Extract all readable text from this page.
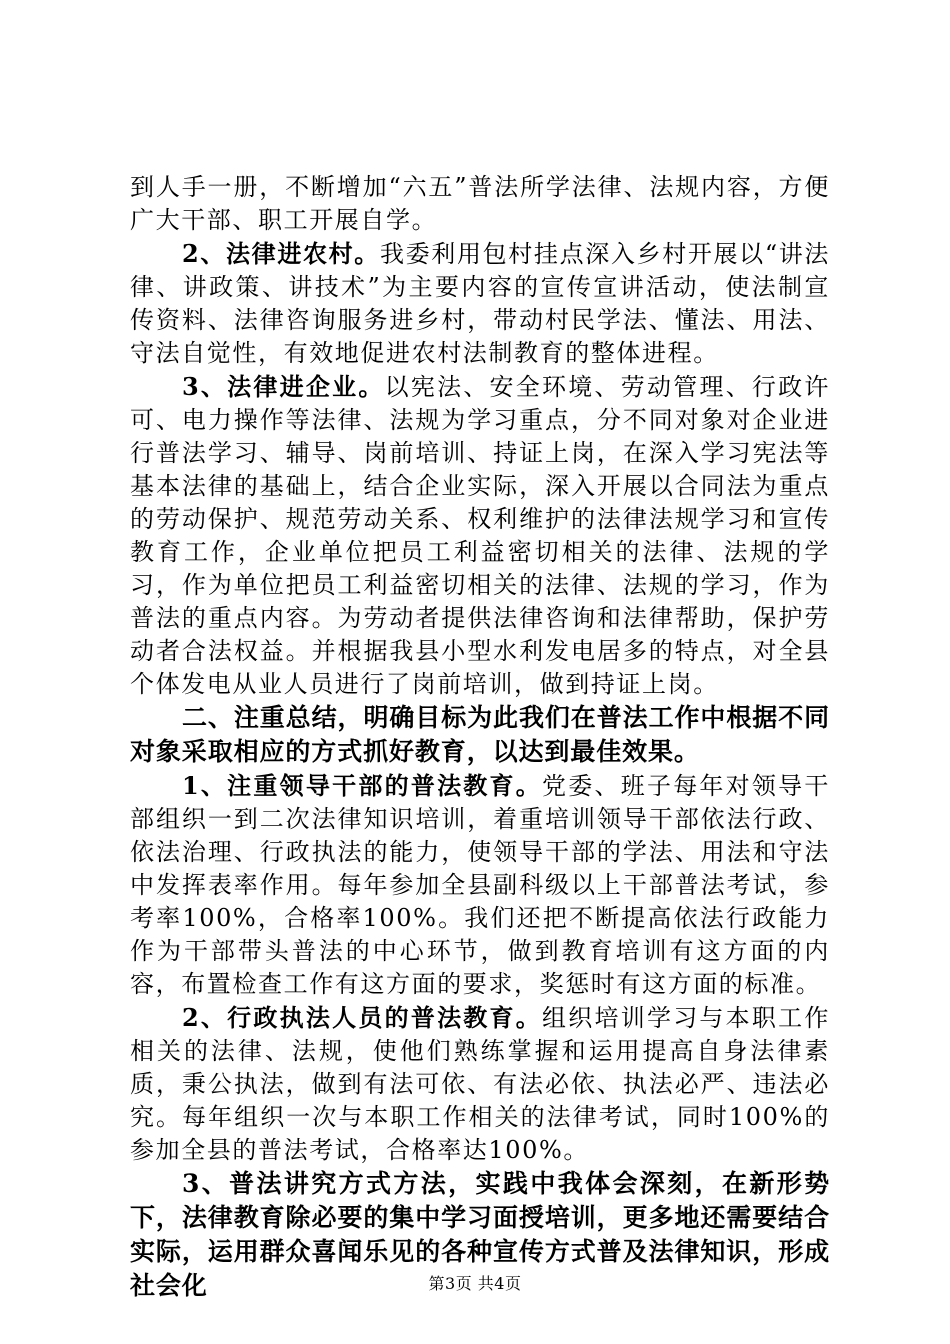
到人手一册，不断增加“六五”普法所学法律、法规内容，方便广大干部、职工开展自学。

2、法律进农村。我委利用包村挂点深入乡村开展以“讲法律、讲政策、讲技术”为主要内容的宣传宣讲活动，使法制宣传资料、法律咨询服务进乡村，带动村民学法、懂法、用法、守法自觉性，有效地促进农村法制教育的整体进程。

3、法律进企业。以宪法、安全环境、劳动管理、行政许可、电力操作等法律、法规为学习重点，分不同对象对企业进行普法学习、辅导、岗前培训、持证上岗，在深入学习宪法等基本法律的基础上，结合企业实际，深入开展以合同法为重点的劳动保护、规范劳动关系、权利维护的法律法规学习和宣传教育工作，企业单位把员工利益密切相关的法律、法规的学习，作为单位把员工利益密切相关的法律、法规的学习，作为普法的重点内容。为劳动者提供法律咨询和法律帮助，保护劳动者合法权益。并根据我县小型水利发电居多的特点，对全县个体发电从业人员进行了岗前培训，做到持证上岗。

二、注重总结，明确目标为此我们在普法工作中根据不同对象采取相应的方式抓好教育，以达到最佳效果。

1、注重领导干部的普法教育。党委、班子每年对领导干部组织一到二次法律知识培训，着重培训领导干部依法行政、依法治理、行政执法的能力，使领导干部的学法、用法和守法中发挥表率作用。每年参加全县副科级以上干部普法考试，参考率100%，合格率100%。我们还把不断提高依法行政能力作为干部带头普法的中心环节，做到教育培训有这方面的内容，布置检查工作有这方面的要求，奖惩时有这方面的标准。

2、行政执法人员的普法教育。组织培训学习与本职工作相关的法律、法规，使他们熟练掌握和运用提高自身法律素质，秉公执法，做到有法可依、有法必依、执法必严、违法必究。每年组织一次与本职工作相关的法律考试，同时100%的参加全县的普法考试，合格率达100%。

3、普法讲究方式方法，实践中我体会深刻，在新形势下，法律教育除必要的集中学习面授培训，更多地还需要结合实际，运用群众喜闻乐见的各种宣传方式普及法律知识，形成社会化	第3页 共4页
